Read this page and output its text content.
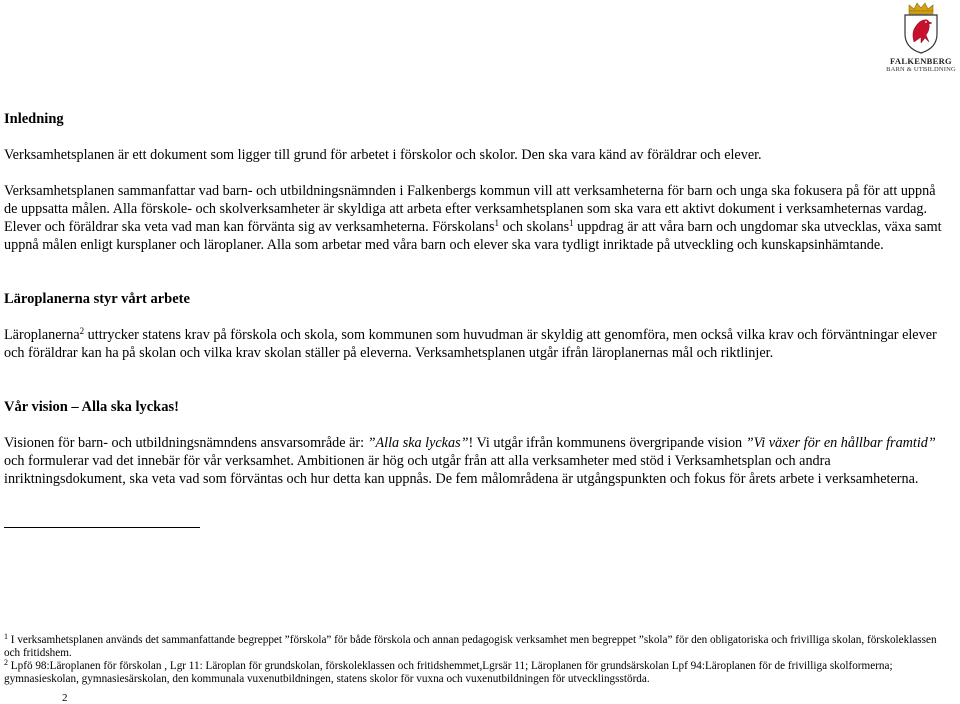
FALKENBERG
BARN & UTBILDNING
Inledning

Verksamhetsplanen är ett dokument som ligger till grund för arbetet i förskolor och skolor. Den ska vara känd av föräldrar och elever.

Verksamhetsplanen sammanfattar vad barn- och utbildningsnämnden i Falkenbergs kommun vill att verksamheterna för barn och unga ska fokusera på för att uppnå de uppsatta målen. Alla förskole- och skolverksamheter är skyldiga att arbeta efter verksamhetsplanen som ska vara ett aktivt dokument i verksamheternas vardag. Elever och föräldrar ska veta vad man kan förvänta sig av verksamheterna. Förskolans$^1$ och skolans$^1$ uppdrag är att våra barn och ungdomar ska utvecklas, växa samt uppnå målen enligt kursplaner och läroplaner. Alla som arbetar med våra barn och elever ska vara tydligt inriktade på utveckling och kunskapsinhämtande.

Läroplanerna styr vårt arbete

Läroplanerna$^2$ uttrycker statens krav på förskola och skola, som kommunen som huvudman är skyldig att genomföra, men också vilka krav och förväntningar elever och föräldrar kan ha på skolan och vilka krav skolan ställer på eleverna. Verksamhetsplanen utgår ifrån läroplanernas mål och riktlinjer.

Vår vision – Alla ska lyckas!

Visionen för barn- och utbildningsnämndens ansvarsområde är: ”Alla ska lyckas”! Vi utgår ifrån kommunens övergripande vision ”Vi växer för en hållbar framtid” och formulerar vad det innebär för vår verksamhet. Ambitionen är hög och utgår från att alla verksamheter med stöd i Verksamhetsplan och andra inriktningsdokument, ska veta vad som förväntas och hur detta kan uppnås. De fem målområdena är utgångspunkten och fokus för årets arbete i verksamheterna.

$^1$ I verksamhetsplanen används det sammanfattande begreppet ”förskola” för både förskola och annan pedagogisk verksamhet men begreppet ”skola” för den obligatoriska och frivilliga skolan, förskoleklassen och fritidshem.

$^2$ Lpfö 98:Läroplanen för förskolan , Lgr 11: Läroplan för grundskolan, förskoleklassen och fritidshemmet,Lgrsär 11; Läroplanen för grundsärskolan Lpf 94:Läroplanen för de frivilliga skolformerna; gymnasieskolan, gymnasiesärskolan, den kommunala vuxenutbildningen, statens skolor för vuxna och vuxenutbildningen för utvecklingsstörda.

2
